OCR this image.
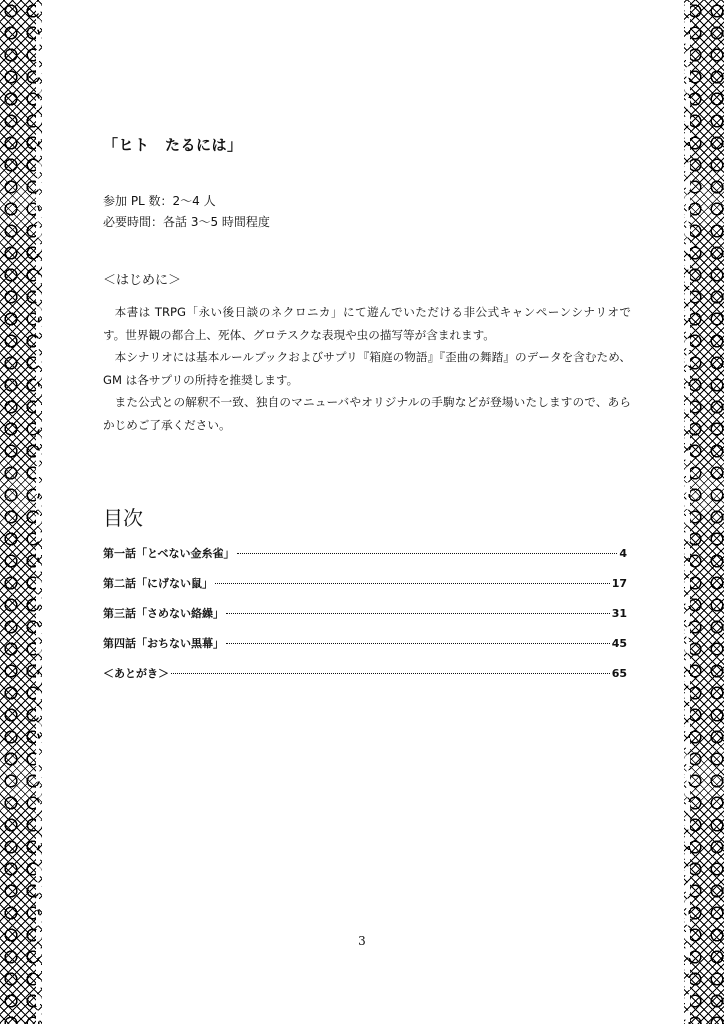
「ヒト　たるには」
参加 PL 数：2〜4 人
必要時間：各話 3〜5 時間程度
＜はじめに＞

本書は TRPG「永い後日談のネクロニカ」にて遊んでいただける非公式キャンペーンシナリオです。世界観の都合上、死体、グロテスクな表現や虫の描写等が含まれます。

本シナリオには基本ルールブックおよびサプリ『箱庭の物語』『歪曲の舞踏』のデータを含むため、GM は各サプリの所持を推奨します。

また公式との解釈不一致、独自のマニューバやオリジナルの手駒などが登場いたしますので、あらかじめご了承ください。

目次
第一話「とべない金糸雀」	4
第二話「にげない鼠」	17
第三話「さめない絡繰」	31
第四話「おちない黒幕」	45
＜あとがき＞	65
3
